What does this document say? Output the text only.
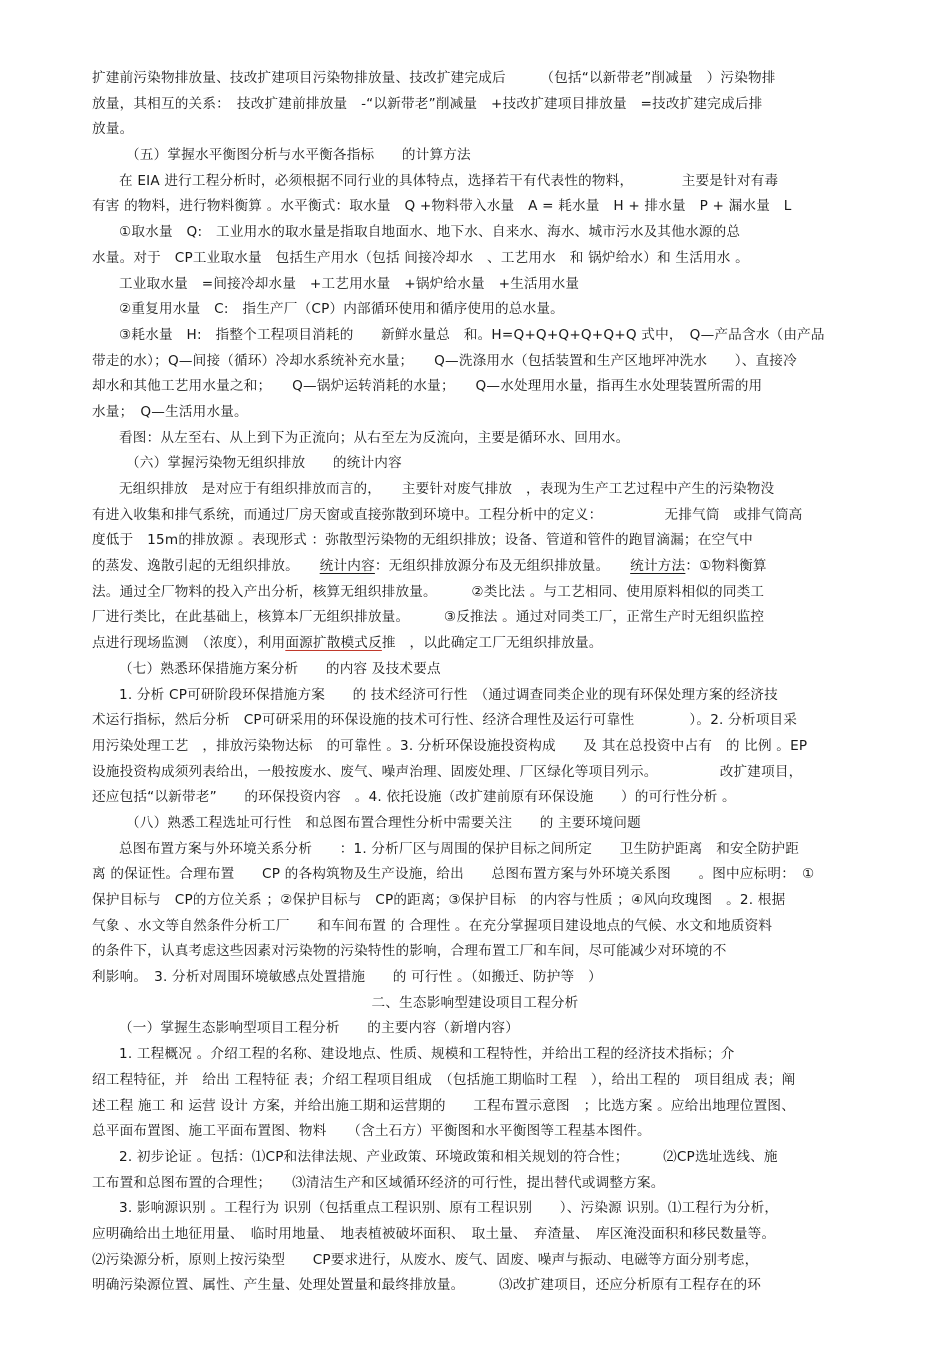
扩建前污染物排放量、技改扩建项目污染物排放量、技改扩建完成后　　　（包括“以新带老”削减量　）污染物排
放量，其相互的关系：　技改扩建前排放量　-“以新带老”削减量　+技改扩建项目排放量　=技改扩建完成后排
放量。
（五）掌握水平衡图分析与水平衡各指标　　的计算方法
在 EIA 进行工程分析时，必须根据不同行业的具体特点，选择若干有代表性的物料，　　　　主要是针对有毒
有害 的物料，进行物料衡算 。水平衡式：取水量　Q +物料带入水量　A = 耗水量　H + 排水量　P + 漏水量　L
①取水量　Q:　工业用水的取水量是指取自地面水、地下水、自来水、海水、城市污水及其他水源的总
水量。对于　CP工业取水量　包括生产用水（包括 间接冷却水　、工艺用水　和 锅炉给水）和 生活用水 。
工业取水量　=间接冷却水量　+工艺用水量　+锅炉给水量　+生活用水量
②重复用水量　C:　指生产厂（CP）内部循环使用和循序使用的总水量。
③耗水量　H:　指整个工程项目消耗的　　新鲜水量总　和。H=Q+Q+Q+Q+Q+Q 式中，　Q—产品含水（由产品
带走的水）；Q—间接（循环）冷却水系统补充水量；　　Q—洗涤用水（包括装置和生产区地坪冲洗水　　）、直接冷
却水和其他工艺用水量之和；　　Q—锅炉运转消耗的水量；　　Q—水处理用水量，指再生水处理装置所需的用
水量；　Q—生活用水量。
看图：从左至右、从上到下为正流向；从右至左为反流向，主要是循环水、回用水。
（六）掌握污染物无组织排放　　的统计内容
无组织排放　是对应于有组织排放而言的，　　主要针对废气排放　，表现为生产工艺过程中产生的污染物没
有进入收集和排气系统，而通过厂房天窗或直接弥散到环境中。工程分析中的定义：　　　　　无排气筒　或排气筒高
度低于　15m的排放源 。表现形式 ：弥散型污染物的无组织排放；设备、管道和管件的跑冒滴漏；在空气中
的蒸发、逸散引起的无组织排放。　　统计内容：无组织排放源分布及无组织排放量。　　统计方法：①物料衡算
法。通过全厂物料的投入产出分析，核算无组织排放量。　　　②类比法 。与工艺相同、使用原料相似的同类工
厂进行类比，在此基础上，核算本厂无组织排放量。　　　③反推法 。通过对同类工厂，正常生产时无组织监控
点进行现场监测　（浓度），利用面源扩散模式反推　，以此确定工厂无组织排放量。
（七）熟悉环保措施方案分析　　的内容 及技术要点
1. 分析 CP可研阶段环保措施方案　　的 技术经济可行性　（通过调查同类企业的现有环保处理方案的经济技
术运行指标，然后分析　CP可研采用的环保设施的技术可行性、经济合理性及运行可靠性　　　　）。2. 分析项目采
用污染处理工艺　，排放污染物达标　的可靠性 。3. 分析环保设施投资构成　　及 其在总投资中占有　的 比例 。EP
设施投资构成须列表给出，一般按废水、废气、噪声治理、固废处理、厂区绿化等项目列示。　　　　　改扩建项目，
还应包括“以新带老”　　的环保投资内容　。4. 依托设施（改扩建前原有环保设施　　）的可行性分析 。
（八）熟悉工程选址可行性　和总图布置合理性分析中需要关注　　的 主要环境问题
总图布置方案与外环境关系分析　　：1. 分析厂区与周围的保护目标之间所定　　卫生防护距离　和安全防护距
离 的保证性。合理布置　　CP 的各构筑物及生产设施，给出　　总图布置方案与外环境关系图　　。图中应标明：　①
保护目标与　CP的方位关系 ；②保护目标与　CP的距离；③保护目标　的内容与性质 ；④风向玫瑰图　。2. 根据
气象 、水文等自然条件分析工厂　　和车间布置 的 合理性 。在充分掌握项目建设地点的气候、水文和地质资料
的条件下，认真考虑这些因素对污染物的污染特性的影响，合理布置工厂和车间，尽可能减少对环境的不
利影响。　3. 分析对周围环境敏感点处置措施　　的 可行性 。（如搬迁、防护等　）
二、生态影响型建设项目工程分析
（一）掌握生态影响型项目工程分析　　的主要内容（新增内容）
1. 工程概况 。介绍工程的名称、建设地点、性质、规模和工程特性，并给出工程的经济技术指标；介
绍工程特征，并　给出 工程特征 表；介绍工程项目组成　（包括施工期临时工程　），给出工程的　项目组成 表；阐
述工程 施工 和 运营 设计 方案，并给出施工期和运营期的　　工程布置示意图　；比选方案 。应给出地理位置图、
总平面布置图、施工平面布置图、物料　　（含土石方）平衡图和水平衡图等工程基本图件。
2. 初步论证 。包括：⑴CP和法律法规、产业政策、环境政策和相关规划的符合性；　　　⑵CP选址选线、施
工布置和总图布置的合理性；　　⑶清洁生产和区域循环经济的可行性，提出替代或调整方案。
3. 影响源识别 。工程行为 识别（包括重点工程识别、原有工程识别　　）、污染源 识别。⑴工程行为分析，
应明确给出土地征用量、　临时用地量、　地表植被破坏面积、　取土量、　弃渣量、　库区淹没面积和移民数量等。
⑵污染源分析，原则上按污染型　　CP要求进行，从废水、废气、固废、噪声与振动、电磁等方面分别考虑，
明确污染源位置、属性、产生量、处理处置量和最终排放量。　　　⑶改扩建项目，还应分析原有工程存在的环
